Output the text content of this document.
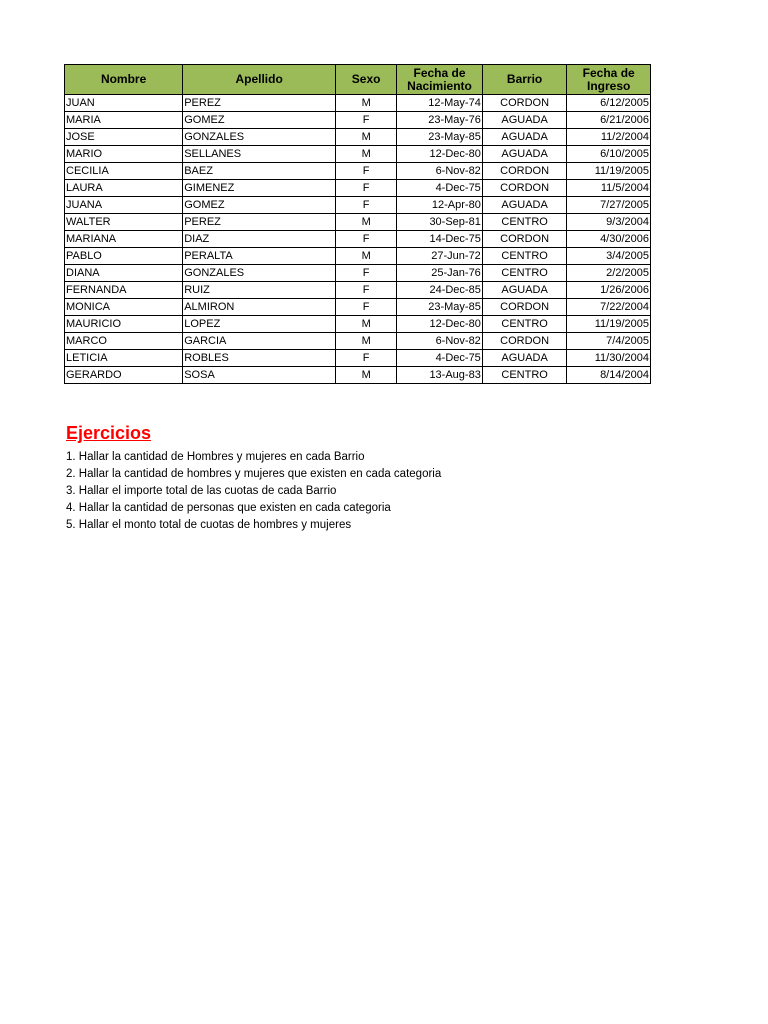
Nombre	Apellido	Sexo	Fecha de Nacimiento	Barrio	Fecha de Ingreso
JUAN	PEREZ	M	12-May-74	CORDON	6/12/2005
MARIA	GOMEZ	F	23-May-76	AGUADA	6/21/2006
JOSE	GONZALES	M	23-May-85	AGUADA	11/2/2004
MARIO	SELLANES	M	12-Dec-80	AGUADA	6/10/2005
CECILIA	BAEZ	F	6-Nov-82	CORDON	11/19/2005
LAURA	GIMENEZ	F	4-Dec-75	CORDON	11/5/2004
JUANA	GOMEZ	F	12-Apr-80	AGUADA	7/27/2005
WALTER	PEREZ	M	30-Sep-81	CENTRO	9/3/2004
MARIANA	DIAZ	F	14-Dec-75	CORDON	4/30/2006
PABLO	PERALTA	M	27-Jun-72	CENTRO	3/4/2005
DIANA	GONZALES	F	25-Jan-76	CENTRO	2/2/2005
FERNANDA	RUIZ	F	24-Dec-85	AGUADA	1/26/2006
MONICA	ALMIRON	F	23-May-85	CORDON	7/22/2004
MAURICIO	LOPEZ	M	12-Dec-80	CENTRO	11/19/2005
MARCO	GARCIA	M	6-Nov-82	CORDON	7/4/2005
LETICIA	ROBLES	F	4-Dec-75	AGUADA	11/30/2004
GERARDO	SOSA	M	13-Aug-83	CENTRO	8/14/2004
Ejercicios
1. Hallar la cantidad de Hombres y mujeres en cada Barrio
2. Hallar la cantidad de hombres y mujeres que existen en cada categoria
3. Hallar el importe total de las cuotas de cada Barrio
4. Hallar la cantidad de personas que existen en cada categoria
5. Hallar el monto total de cuotas de hombres y mujeres
